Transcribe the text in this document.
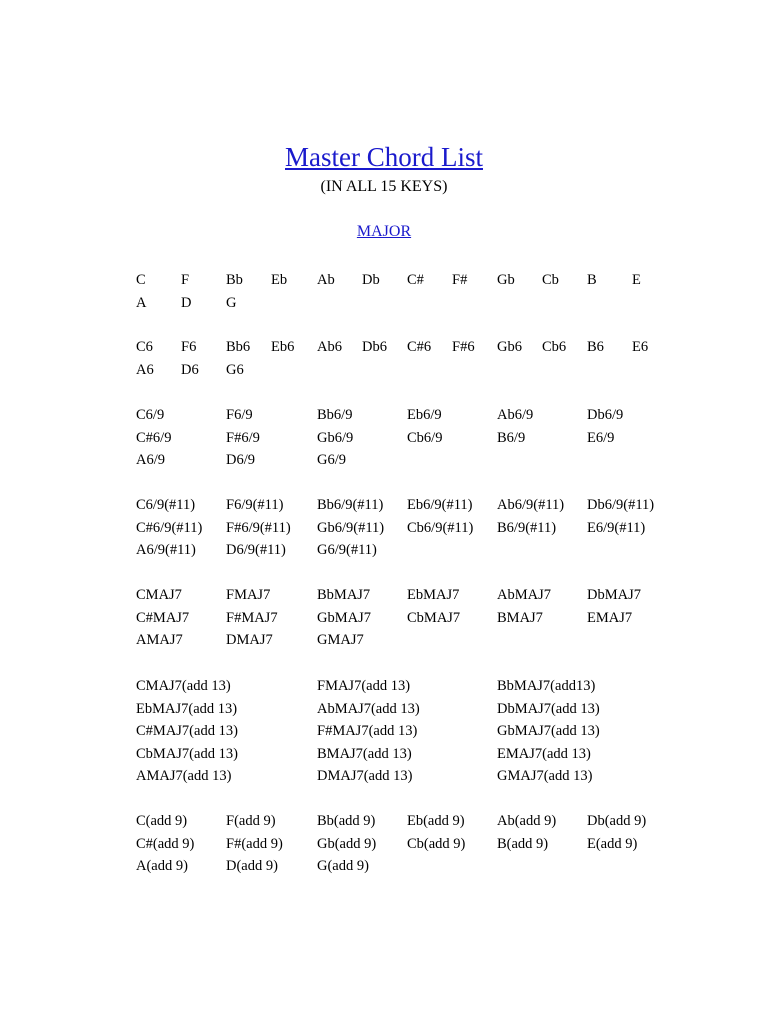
Master Chord List
(IN ALL 15 KEYS)
MAJOR
C F	Bb Eb Ab Db C# F# Gb Cb B E
A D G
C6 F6 Bb6 Eb6 Ab6 Db6 C#6 F#6 Gb6 Cb6 B6 E6
A6 D6 G6
C6/9	F6/9	Bb6/9	Eb6/9	Ab6/9	Db6/9
C#6/9	F#6/9	Gb6/9	Cb6/9	B6/9	E6/9
A6/9	D6/9	G6/9
C6/9(#11) F6/9(#11) Bb6/9(#11) Eb6/9(#11) Ab6/9(#11) Db6/9(#11)
C#6/9(#11) F#6/9(#11) Gb6/9(#11) Cb6/9(#11) B6/9(#11) E6/9(#11)
A6/9(#11) D6/9(#11) G6/9(#11)
CMAJ7	FMAJ7	BbMAJ7	EbMAJ7	AbMAJ7 DbMAJ7
C#MAJ7	F#MAJ7	GbMAJ7 CbMAJ7	BMAJ7	EMAJ7
AMAJ7	DMAJ7	GMAJ7
CMAJ7(add 13)	FMAJ7(add 13)	BbMAJ7(add13)
EbMAJ7(add 13)	AbMAJ7(add 13)	DbMAJ7(add 13)
C#MAJ7(add 13)	F#MAJ7(add 13)	GbMAJ7(add 13)
CbMAJ7(add 13)	BMAJ7(add 13)	EMAJ7(add 13)
AMAJ7(add 13)	DMAJ7(add 13)	GMAJ7(add 13)
C(add 9)	F(add 9)	Bb(add 9) Eb(add 9) Ab(add 9) Db(add 9)
C#(add 9) F#(add 9) Gb(add 9) Cb(add 9) B(add 9)	E(add 9)
A(add 9)	D(add 9)	G(add 9)
